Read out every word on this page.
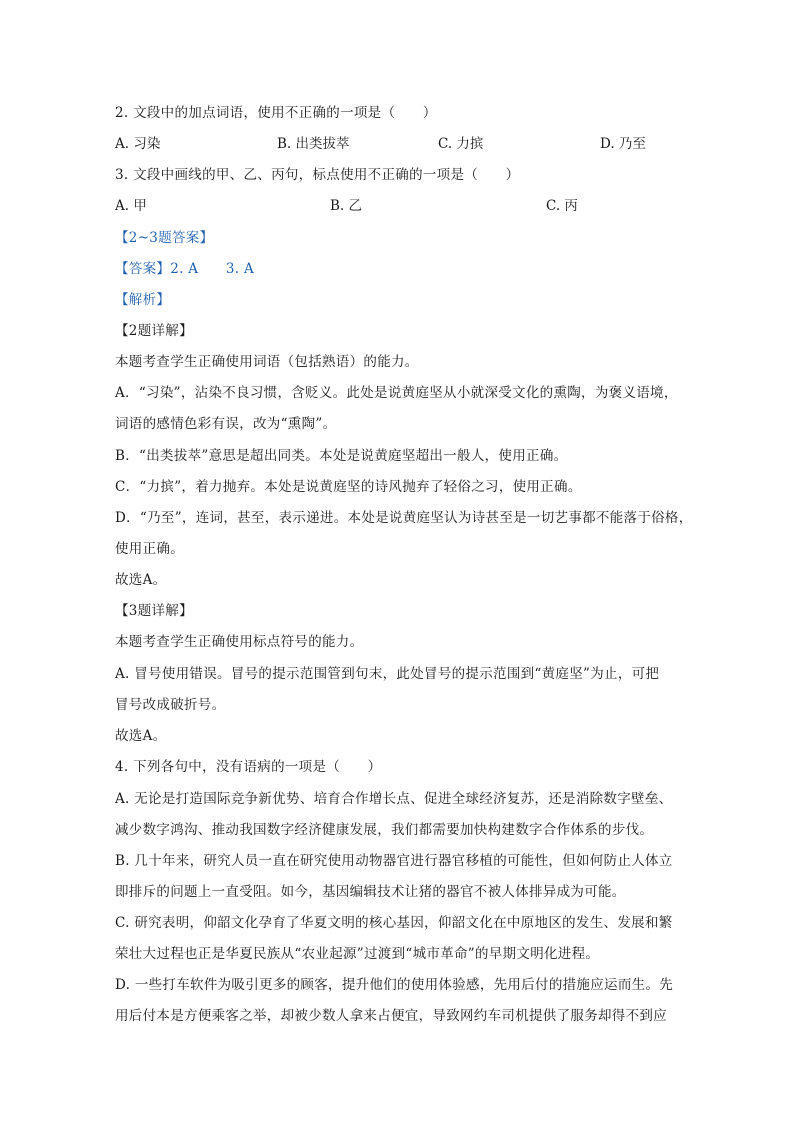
2. 文段中的加点词语，使用不正确的一项是（　　）
A. 习染	B. 出类拔萃	C. 力摈	D. 乃至
3. 文段中画线的甲、乙、丙句，标点使用不正确的一项是（　　）
A. 甲	B. 乙	C. 丙
【2~3题答案】
【答案】2. A　　3. A
【解析】
【2题详解】
本题考查学生正确使用词语（包括熟语）的能力。
A．“习染”，沾染不良习惯，含贬义。此处是说黄庭坚从小就深受文化的熏陶，为褒义语境，
词语的感情色彩有误，改为“熏陶”。
B．“出类拔萃”意思是超出同类。本处是说黄庭坚超出一般人，使用正确。
C．“力摈”，着力抛弃。本处是说黄庭坚的诗风抛弃了轻俗之习，使用正确。
D．“乃至”，连词，甚至，表示递进。本处是说黄庭坚认为诗甚至是一切艺事都不能落于俗格，
使用正确。
故选A。
【3题详解】
本题考查学生正确使用标点符号的能力。
A. 冒号使用错误。冒号的提示范围管到句末，此处冒号的提示范围到“黄庭坚”为止，可把
冒号改成破折号。
故选A。
4. 下列各句中，没有语病的一项是（　　）
A. 无论是打造国际竞争新优势、培育合作增长点、促进全球经济复苏，还是消除数字壁垒、
减少数字鸿沟、推动我国数字经济健康发展，我们都需要加快构建数字合作体系的步伐。
B. 几十年来，研究人员一直在研究使用动物器官进行器官移植的可能性，但如何防止人体立
即排斥的问题上一直受阻。如今，基因编辑技术让猪的器官不被人体排异成为可能。
C. 研究表明，仰韶文化孕育了华夏文明的核心基因，仰韶文化在中原地区的发生、发展和繁
荣壮大过程也正是华夏民族从“农业起源”过渡到“城市革命”的早期文明化进程。
D. 一些打车软件为吸引更多的顾客，提升他们的使用体验感，先用后付的措施应运而生。先
用后付本是方便乘客之举，却被少数人拿来占便宜，导致网约车司机提供了服务却得不到应
